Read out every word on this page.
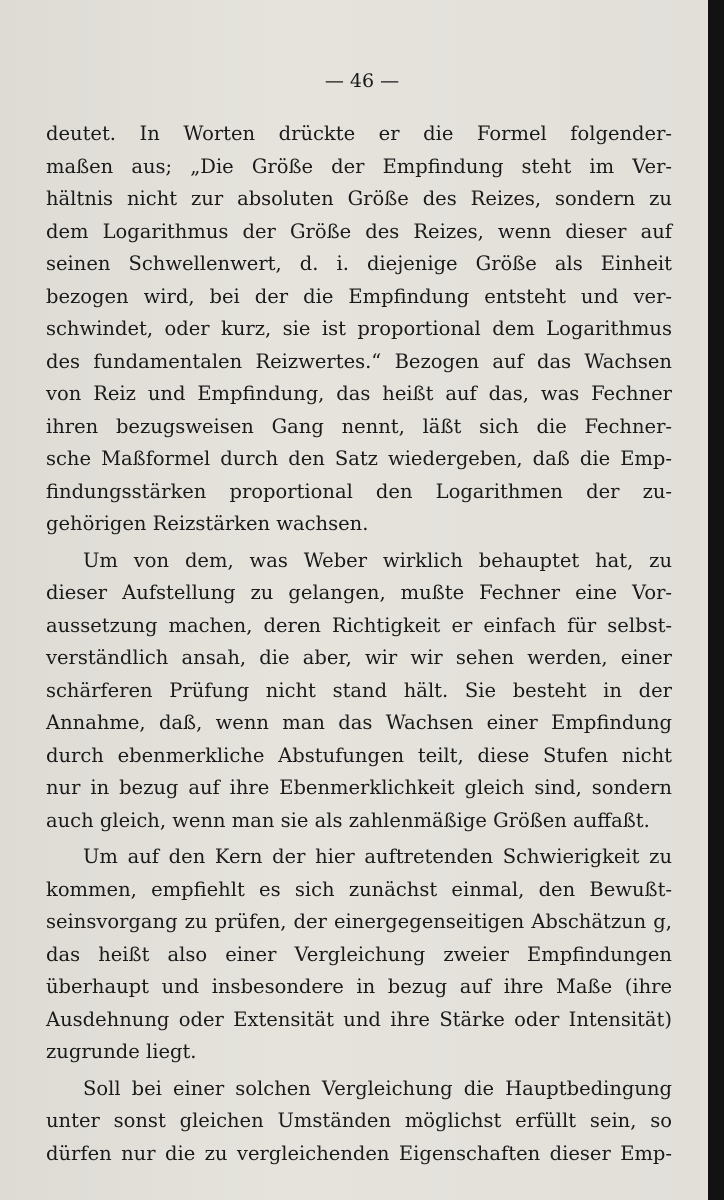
— 46 —
deutet. In Worten drückte er die Formel folgender-
maßen aus; „Die Größe der Empfindung steht im Ver-
hältnis nicht zur absoluten Größe des Reizes, sondern zu
dem Logarithmus der Größe des Reizes, wenn dieser auf
seinen Schwellenwert, d. i. diejenige Größe als Einheit
bezogen wird, bei der die Empfindung entsteht und ver-
schwindet, oder kurz, sie ist proportional dem Logarithmus
des fundamentalen Reizwertes.“ Bezogen auf das Wachsen
von Reiz und Empfindung, das heißt auf das, was Fechner
ihren bezugsweisen Gang nennt, läßt sich die Fechner-
sche Maßformel durch den Satz wiedergeben, daß die Emp-
findungsstärken proportional den Logarithmen der zu-
gehörigen Reizstärken wachsen.
Um von dem, was Weber wirklich behauptet hat, zu
dieser Aufstellung zu gelangen, mußte Fechner eine Vor-
aussetzung machen, deren Richtigkeit er einfach für selbst-
verständlich ansah, die aber, wir wir sehen werden, einer
schärferen Prüfung nicht stand hält. Sie besteht in der
Annahme, daß, wenn man das Wachsen einer Empfindung
durch ebenmerkliche Abstufungen teilt, diese Stufen nicht
nur in bezug auf ihre Ebenmerklichkeit gleich sind, sondern
auch gleich, wenn man sie als zahlenmäßige Größen auffaßt.
Um auf den Kern der hier auftretenden Schwierigkeit zu
kommen, empfiehlt es sich zunächst einmal, den Bewußt-
seinsvorgang zu prüfen, der einergegenseitigen Abschätzun g,
das heißt also einer Vergleichung zweier Empfindungen
überhaupt und insbesondere in bezug auf ihre Maße (ihre
Ausdehnung oder Extensität und ihre Stärke oder Intensität)
zugrunde liegt.
Soll bei einer solchen Vergleichung die Hauptbedingung
unter sonst gleichen Umständen möglichst erfüllt sein, so
dürfen nur die zu vergleichenden Eigenschaften dieser Emp-
